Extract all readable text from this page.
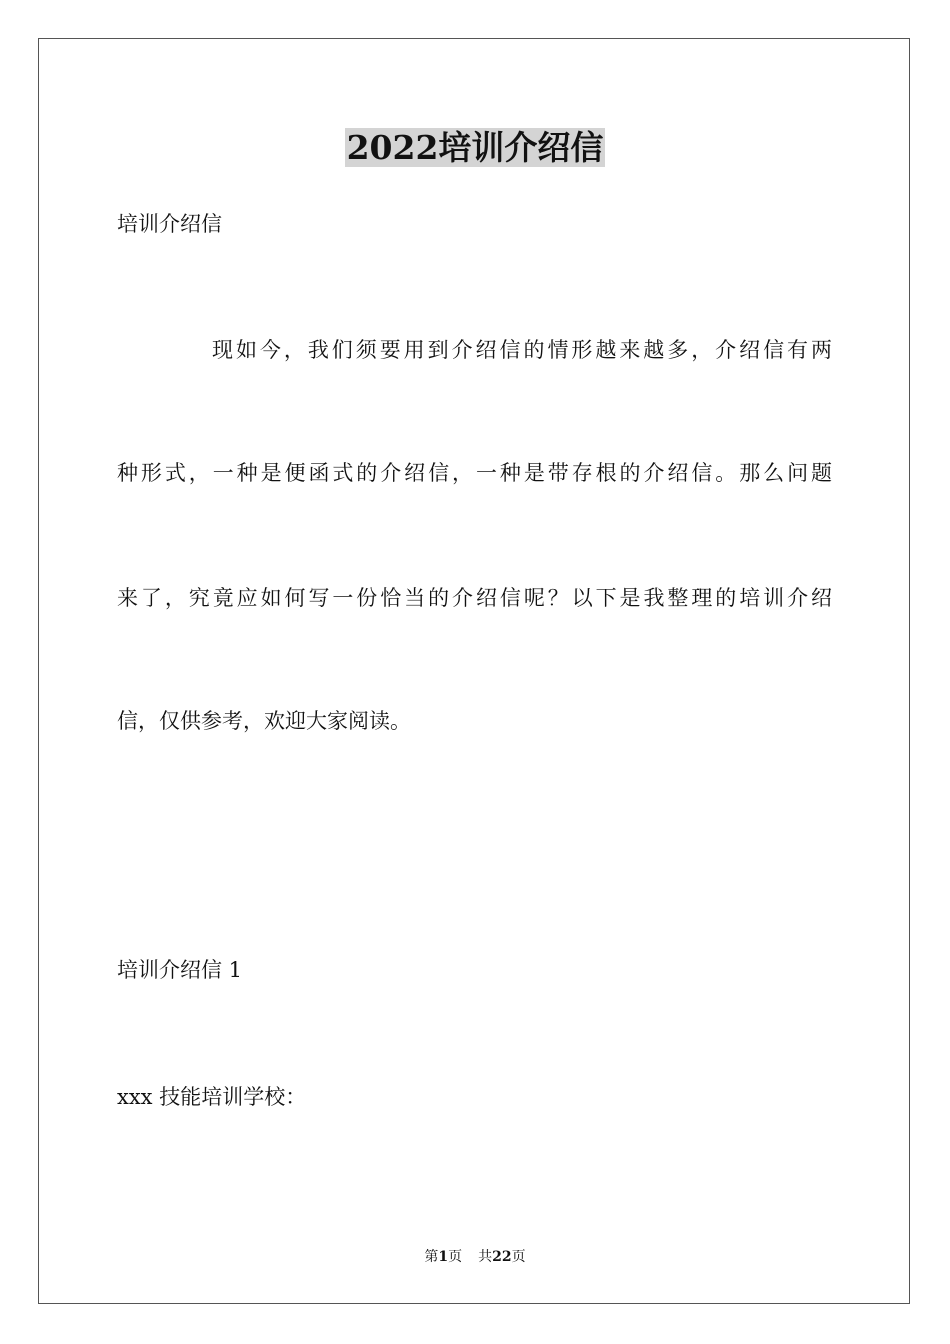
2022培训介绍信

培训介绍信

现如今，我们须要用到介绍信的情形越来越多，介绍信有两

种形式，一种是便函式的介绍信，一种是带存根的介绍信。那么问题

来了，究竟应如何写一份恰当的介绍信呢？以下是我整理的培训介绍

信，仅供参考，欢迎大家阅读。

培训介绍信 1

xxx 技能培训学校：

第1页 共22页
